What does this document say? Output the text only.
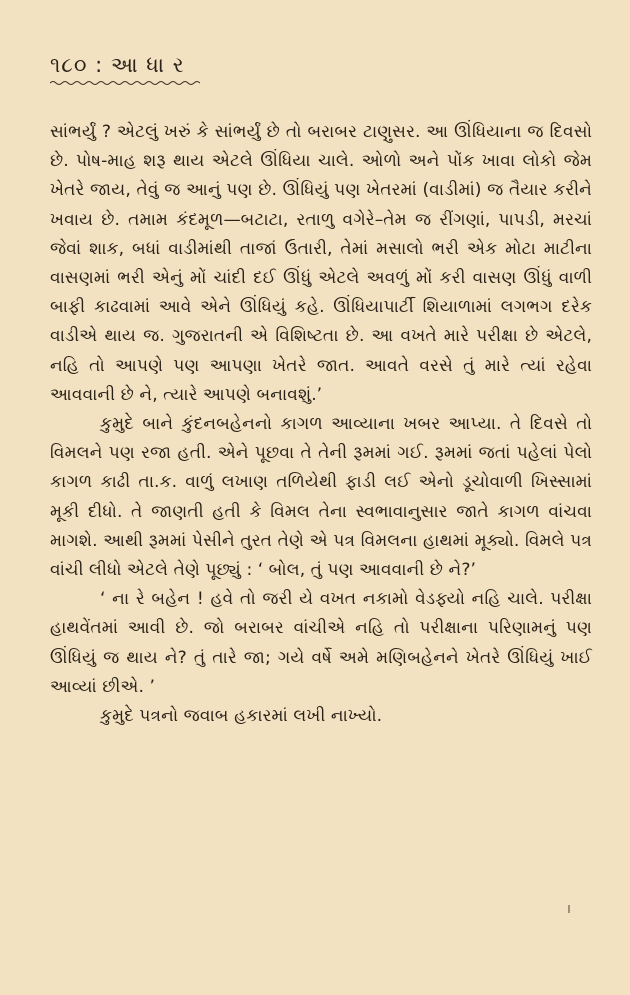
૧૮૦ : આ ધા ર

સાંભર્યું ? એટલું ખરું કે સાંભર્યું છે તો બરાબર ટાણુસર. આ ઊંધિયાના જ દિવસો છે. પોષ-માહ શરૂ થાય એટલે ઊંધિયા ચાલે. ઓળો અને પોંક ખાવા લોકો જેમ ખેતરે જાય, તેવું જ આનું પણ છે. ઊંધિયું પણ ખેતરમાં (વાડીમાં) જ તૈયાર કરીને ખવાય છે. તમામ કંદમૂળ—બટાટા, રતાળુ વગેરે–તેમ જ રીંગણાં, પાપડી, મરચાં જેવાં શાક, બધાં વાડીમાંથી તાજાં ઉતારી, તેમાં મસાલો ભરી એક મોટા માટીના વાસણમાં ભરી એનું મોં ચાંદી દઈ ઊંધું એટલે અવળું મોં કરી વાસણ ઊંધું વાળી બાફી કાઢવામાં આવે એને ઊંધિયું કહે. ઊંધિયાપાર્ટી શિયાળામાં લગભગ દરેક વાડીએ થાય જ. ગુજરાતની એ વિશિષ્ટતા છે. આ વખતે મારે પરીક્ષા છે એટલે, નહિ તો આપણે પણ આપણા ખેતરે જાત. આવતે વરસે તું મારે ત્યાં રહેવા આવવાની છે ને, ત્યારે આપણે બનાવશું.’

કુમુદે બાને કુંદનબહેનનો કાગળ આવ્યાના ખબર આપ્યા. તે દિવસે તો વિમલને પણ રજા હતી. એને પૂછવા તે તેની રૂમમાં ગઈ. રૂમમાં જતાં પહેલાં પેલો કાગળ કાઢી તા.ક. વાળું લખાણ તળિયેથી ફાડી લઈ એનો ડૂચોવાળી ખિસ્સામાં મૂકી દીધો. તે જાણતી હતી કે વિમલ તેના સ્વભાવાનુસાર જાતે કાગળ વાંચવા માગશે. આથી રૂમમાં પેસીને તુરત તેણે એ પત્ર વિમલના હાથમાં મૂક્યો. વિમલે પત્ર વાંચી લીધો એટલે તેણે પૂછ્યું : ‘ બોલ, તું પણ આવવાની છે ને?’

‘ ના રે બહેન ! હવે તો જરી યે વખત નકામો વેડફ્યો નહિ ચાલે. પરીક્ષા હાથવેંતમાં આવી છે. જો બરાબર વાંચીએ નહિ તો પરીક્ષાના પરિણામનું પણ ઊંધિયું જ થાય ને? તું તારે જા; ગયે વર્ષે અમે મણિબહેનને ખેતરે ઊંધિયું ખાઈ આવ્યાં છીએ. ’

કુમુદે પત્રનો જવાબ હકારમાં લખી નાખ્યો.
